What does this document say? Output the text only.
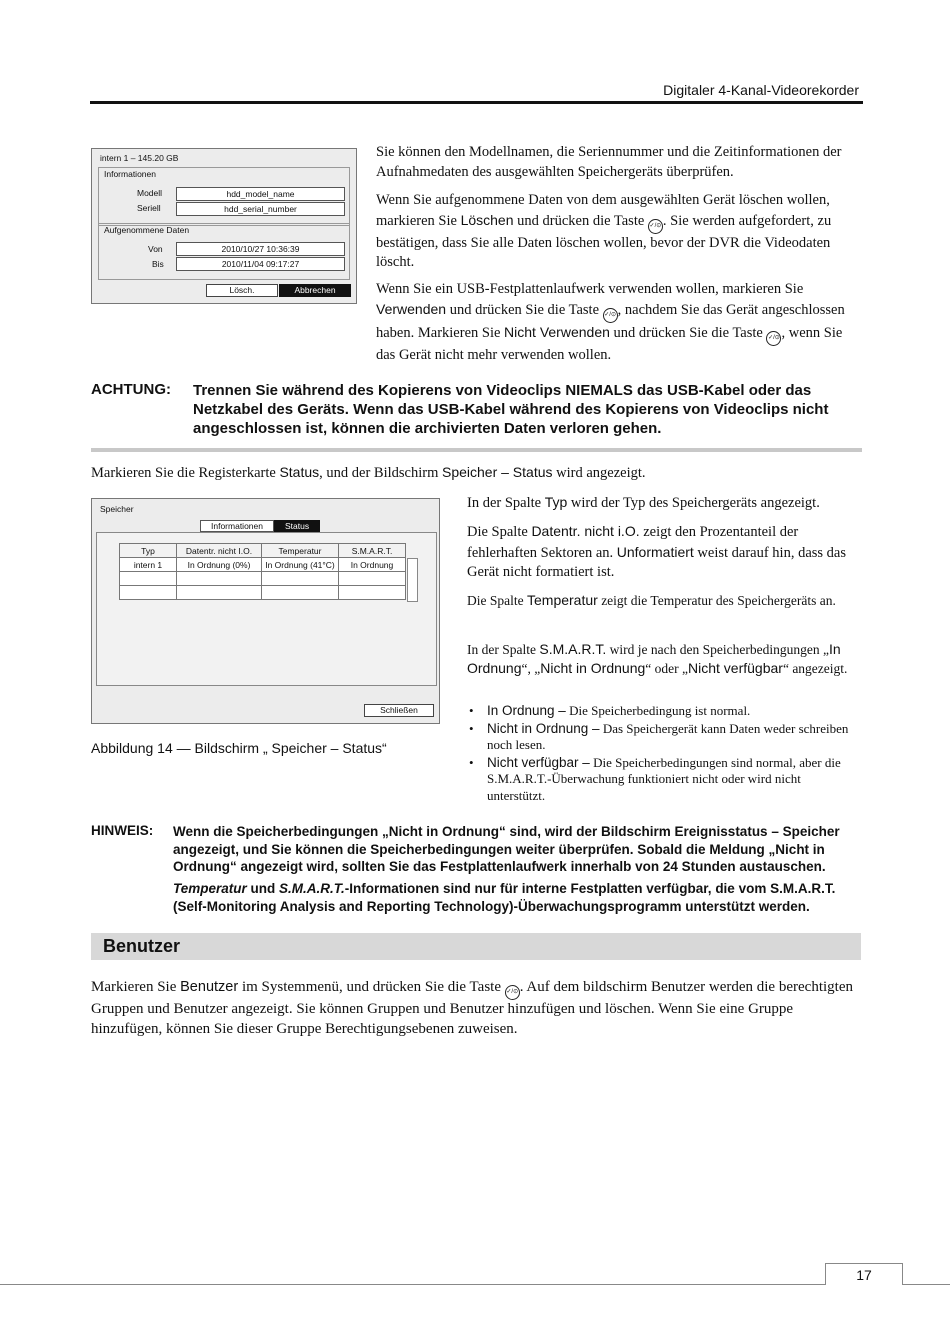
Digitaler 4-Kanal-Videorekorder
intern 1 – 145.20 GB
Informationen
Modell	hdd_model_name
Seriell	hdd_serial_number
Aufgenommene Daten
Von	2010/10/27 10:36:39
Bis	2010/11/04 09:17:27
Lösch.	Abbrechen
Sie können den Modellnamen, die Seriennummer und die Zeitinformationen der Aufnahmedaten des ausgewählten Speichergeräts überprüfen.
Wenn Sie aufgenommene Daten von dem ausgewählten Gerät löschen wollen, markieren Sie Löschen und drücken die Taste ✓/⊙ . Sie werden aufgefordert, zu bestätigen, dass Sie alle Daten löschen wollen, bevor der DVR die Videodaten löscht.
Wenn Sie ein USB-Festplattenlaufwerk verwenden wollen, markieren Sie Verwenden und drücken Sie die Taste ✓/⊙ , nachdem Sie das Gerät angeschlossen haben. Markieren Sie Nicht Verwenden und drücken Sie die Taste ✓/⊙ , wenn Sie das Gerät nicht mehr verwenden wollen.
ACHTUNG: Trennen Sie während des Kopierens von Videoclips NIEMALS das USB-Kabel oder das Netzkabel des Geräts. Wenn das USB-Kabel während des Kopierens von Videoclips nicht angeschlossen ist, können die archivierten Daten verloren gehen.
Markieren Sie die Registerkarte Status, und der Bildschirm Speicher – Status wird angezeigt.
Speicher
Informationen	Status
Typ	Datentr. nicht I.O.	Temperatur	S.M.A.R.T.
intern 1	In Ordnung (0%)	In Ordnung (41°C)	In Ordnung

Schließen
Abbildung 14 — Bildschirm „ Speicher – Status“
In der Spalte Typ wird der Typ des Speichergeräts angezeigt.
Die Spalte Datentr. nicht i.O. zeigt den Prozentanteil der fehlerhaften Sektoren an. Unformatiert weist darauf hin, dass das Gerät nicht formatiert ist.
Die Spalte Temperatur zeigt die Temperatur des Speichergeräts an.
In der Spalte S.M.A.R.T. wird je nach den Speicherbedingungen „In Ordnung“, „Nicht in Ordnung“ oder „Nicht verfügbar“ angezeigt.
• In Ordnung – Die Speicherbedingung ist normal.
• Nicht in Ordnung – Das Speichergerät kann Daten weder schreiben noch lesen.
• Nicht verfügbar – Die Speicherbedingungen sind normal, aber die S.M.A.R.T.-Überwachung funktioniert nicht oder wird nicht unterstützt.
HINWEIS: Wenn die Speicherbedingungen „Nicht in Ordnung“ sind, wird der Bildschirm Ereignisstatus – Speicher angezeigt, und Sie können die Speicherbedingungen weiter überprüfen. Sobald die Meldung „Nicht in Ordnung“ angezeigt wird, sollten Sie das Festplattenlaufwerk innerhalb von 24 Stunden austauschen.
Temperatur und S.M.A.R.T.-Informationen sind nur für interne Festplatten verfügbar, die vom S.M.A.R.T. (Self-Monitoring Analysis and Reporting Technology)-Überwachungsprogramm unterstützt werden.
Benutzer
Markieren Sie Benutzer im Systemmenü, und drücken Sie die Taste ✓/⊙ . Auf dem bildschirm Benutzer werden die berechtigten Gruppen und Benutzer angezeigt. Sie können Gruppen und Benutzer hinzufügen und löschen. Wenn Sie eine Gruppe hinzufügen, können Sie dieser Gruppe Berechtigungsebenen zuweisen.
17
